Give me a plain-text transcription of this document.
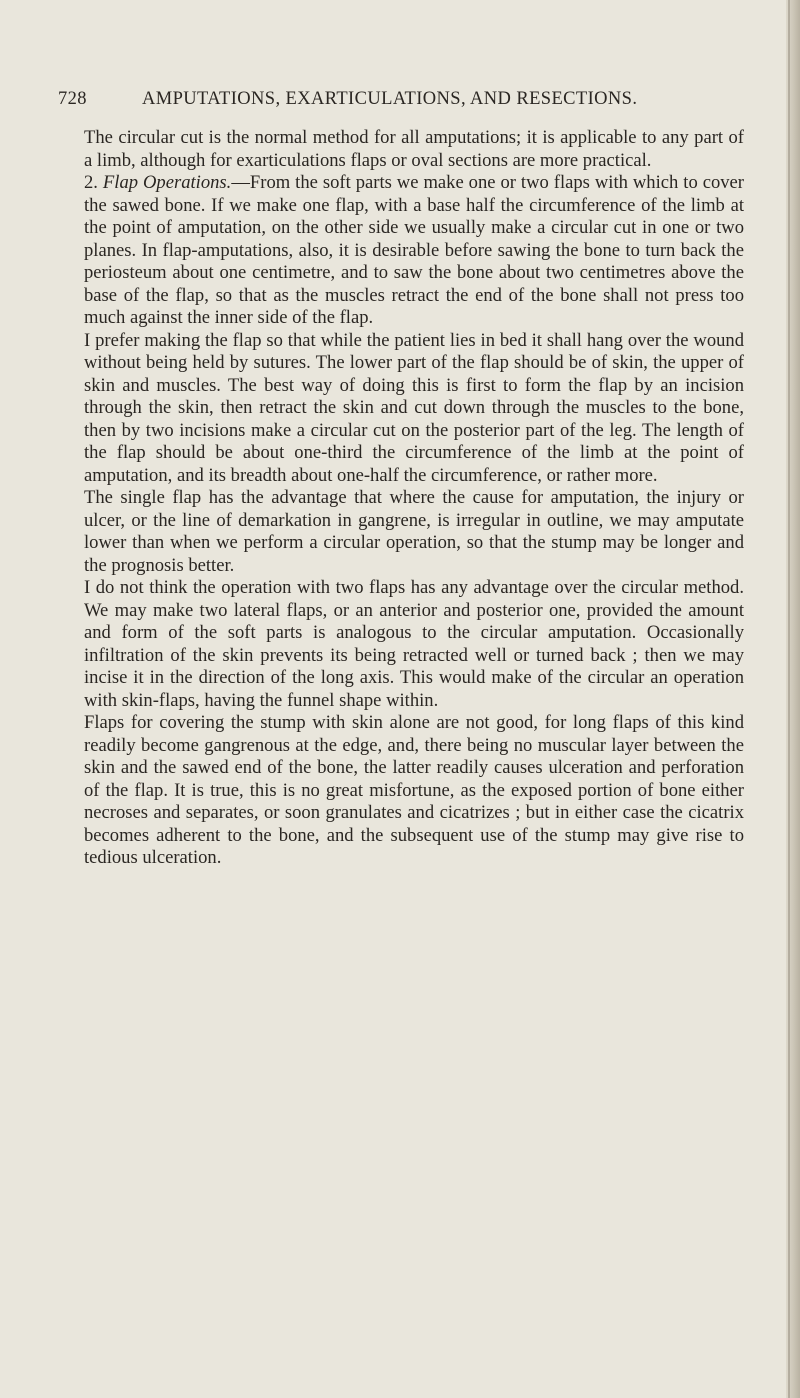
728	AMPUTATIONS, EXARTICULATIONS, AND RESECTIONS.

The circular cut is the normal method for all amputations; it is applicable to any part of a limb, although for exarticulations flaps or oval sections are more practical.

2. Flap Operations.—From the soft parts we make one or two flaps with which to cover the sawed bone. If we make one flap, with a base half the circumference of the limb at the point of amputation, on the other side we usually make a circular cut in one or two planes. In flap-amputations, also, it is desirable before sawing the bone to turn back the periosteum about one centimetre, and to saw the bone about two centimetres above the base of the flap, so that as the muscles retract the end of the bone shall not press too much against the inner side of the flap.

I prefer making the flap so that while the patient lies in bed it shall hang over the wound without being held by sutures. The lower part of the flap should be of skin, the upper of skin and muscles. The best way of doing this is first to form the flap by an incision through the skin, then retract the skin and cut down through the muscles to the bone, then by two incisions make a circular cut on the posterior part of the leg. The length of the flap should be about one-third the circumference of the limb at the point of amputation, and its breadth about one-half the circumference, or rather more.

The single flap has the advantage that where the cause for amputation, the injury or ulcer, or the line of demarkation in gangrene, is irregular in outline, we may amputate lower than when we perform a circular operation, so that the stump may be longer and the prognosis better.

I do not think the operation with two flaps has any advantage over the circular method. We may make two lateral flaps, or an anterior and posterior one, provided the amount and form of the soft parts is analogous to the circular amputation. Occasionally infiltration of the skin prevents its being retracted well or turned back ; then we may incise it in the direction of the long axis. This would make of the circular an operation with skin-flaps, having the funnel shape within.

Flaps for covering the stump with skin alone are not good, for long flaps of this kind readily become gangrenous at the edge, and, there being no muscular layer between the skin and the sawed end of the bone, the latter readily causes ulceration and perforation of the flap. It is true, this is no great misfortune, as the exposed portion of bone either necroses and separates, or soon granulates and cicatrizes ; but in either case the cicatrix becomes adherent to the bone, and the subsequent use of the stump may give rise to tedious ulceration.
